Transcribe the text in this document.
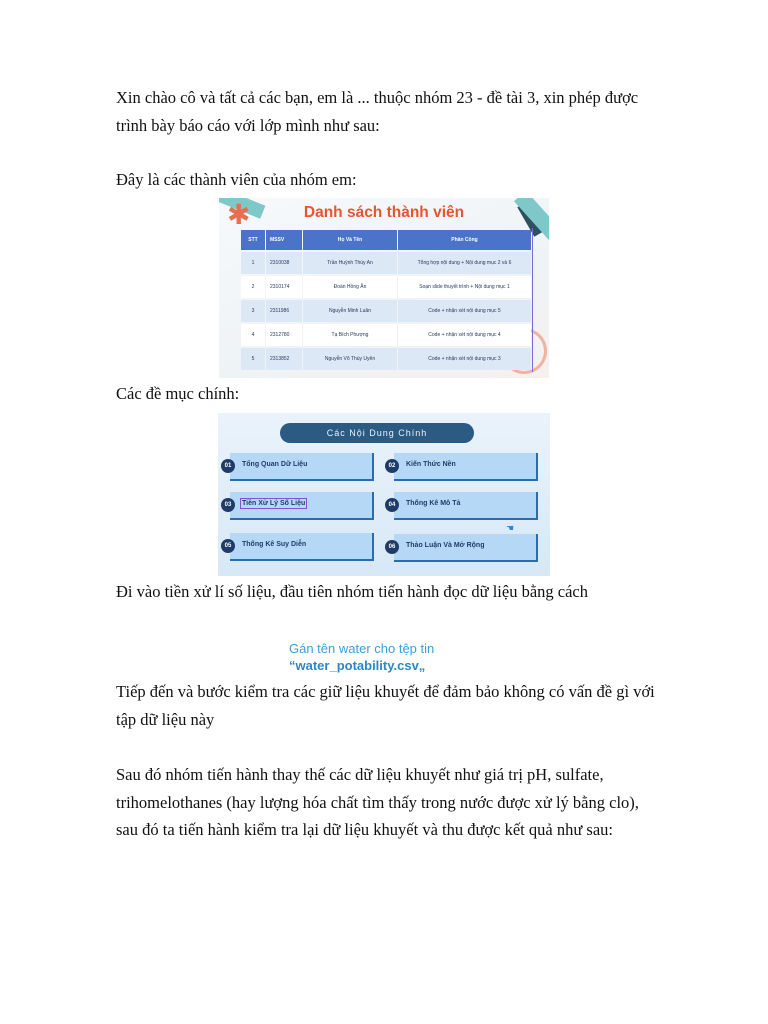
Xin chào cô và tất cả các bạn, em là ... thuộc nhóm 23 - đề tài 3, xin phép được trình bày báo cáo với lớp mình như sau:

Đây là các thành viên của nhóm em:

✱	Danh sách thành viên
STT	MSSV	Họ Và Tên	Phân Công
1	2310038	Trần Huỳnh Thúy An	Tổng hợp nội dung + Nội dung mục 2 và 6
2	2310174	Đoàn Hồng Ân	Soạn slide thuyết trình + Nội dung mục 1
3	2311986	Nguyễn Minh Luân	Code + nhận xét nội dung mục 5
4	2312780	Tạ Bích Phượng	Code + nhận xét nội dung mục 4
5	2313852	Nguyễn Võ Thúy Uyên	Code + nhận xét nội dung mục 3

Các đề mục chính:

Các Nội Dung Chính
Tổng Quan Dữ Liệu
01	Kiến Thức Nền
02
Tiền Xử Lý Số Liệu
03	Thống Kê Mô Tả
04
Thống Kê Suy Diễn
05	Thảo Luận Và Mở Rộng
06
☚

Đi vào tiền xử lí số liệu, đầu tiên nhóm tiến hành đọc dữ liệu bằng cách

Gán tên water cho tệp tin
“water_potability.csv„

Tiếp đến và bước kiểm tra các giữ liệu khuyết để đảm bảo không có vấn đề gì với tập dữ liệu này

Sau đó nhóm tiến hành thay thế các dữ liệu khuyết như giá trị pH, sulfate, trihomelothanes (hay lượng hóa chất tìm thấy trong nước được xử lý bằng clo), sau đó ta tiến hành kiểm tra lại dữ liệu khuyết và thu được kết quả như sau:
